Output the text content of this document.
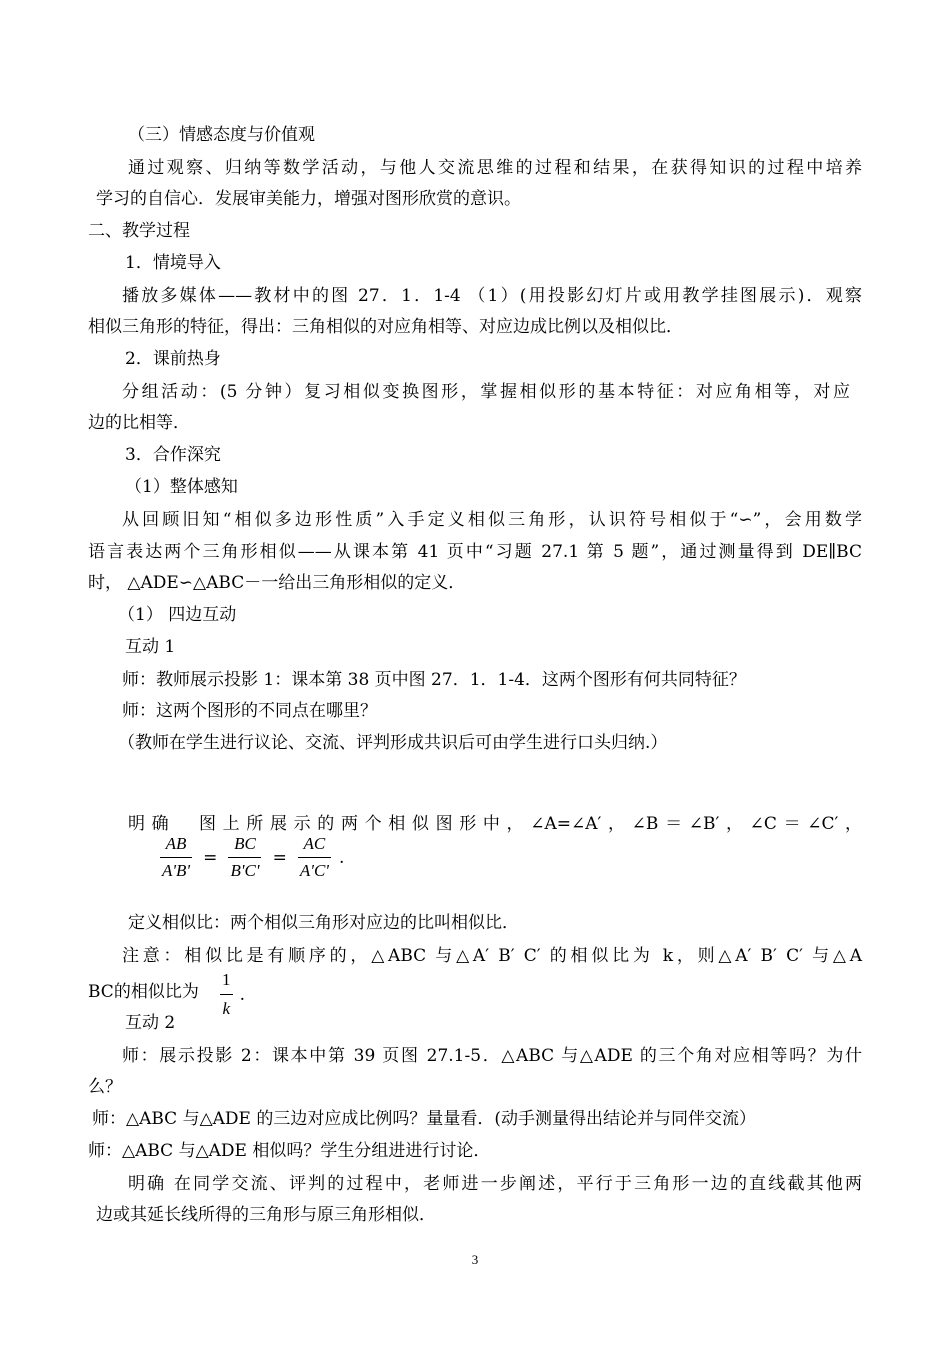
（三）情感态度与价值观
通过观察、归纳等数学活动，与他人交流思维的过程和结果，在获得知识的过程中培养
学习的自信心．发展审美能力，增强对图形欣赏的意识。
二、教学过程
1．情境导入
播放多媒体——教材中的图 27．1．1-4 （1）(用投影幻灯片或用教学挂图展示)．观察
相似三角形的特征，得出：三角相似的对应角相等、对应边成比例以及相似比．
2．课前热身
分组活动：(5 分钟）复习相似变换图形，掌握相似形的基本特征：对应角相等，对应
边的比相等．
3．合作深究
（1）整体感知
从回顾旧知“相似多边形性质”入手定义相似三角形，认识符号相似于“∽”，会用数学
语言表达两个三角形相似——从课本第 41 页中“习题 27.1 第 5 题”，通过测量得到 DE∥BC
时， △ADE∽△ABC－一给出三角形相似的定义．
（1） 四边互动
互动 1
师：教师展示投影 1：课本第 38 页中图 27．1．1-4．这两个图形有何共同特征？
师：这两个图形的不同点在哪里？
（教师在学生进行议论、交流、评判形成共识后可由学生进行口头归纳.）
明确　图上所展示的两个相似图形中，∠A=∠A′，∠B＝∠B′，∠C＝∠C′，
$\frac{AB}{A'B'} = \frac{BC}{B'C'} = \frac{AC}{A'C'}$ .
定义相似比：两个相似三角形对应边的比叫相似比．
注意：相似比是有顺序的，△ABC 与△A′ B′ C′ 的相似比为 k，则△A′ B′ C′ 与△A
BC的相似比为 $\frac{1}{k}$ .
互动 2
师：展示投影 2：课本中第 39 页图 27.1-5．△ABC 与△ADE 的三个角对应相等吗？为什
么？
师：△ABC 与△ADE 的三边对应成比例吗？量量看．(动手测量得出结论并与同伴交流）
师：△ABC 与△ADE 相似吗？学生分组进进行讨论．
明确 在同学交流、评判的过程中，老师进一步阐述，平行于三角形一边的直线截其他两
边或其延长线所得的三角形与原三角形相似．
3
